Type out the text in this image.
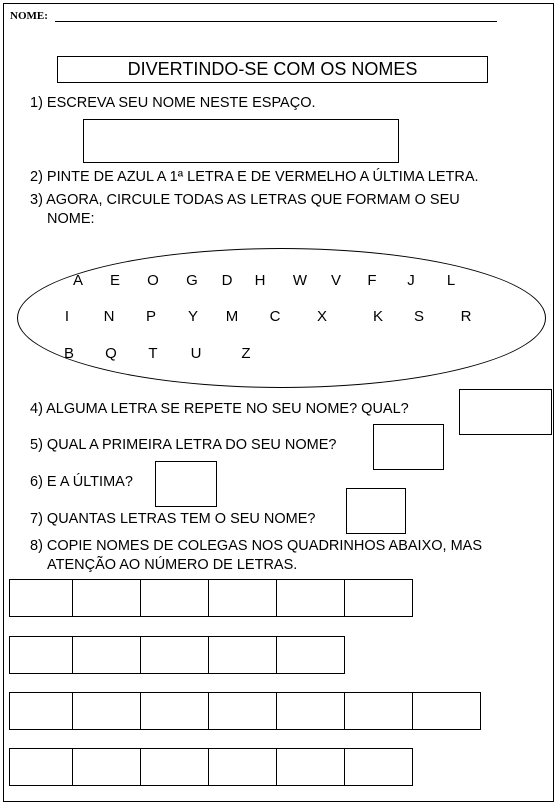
NOME:
DIVERTINDO-SE COM OS NOMES
1) ESCREVA SEU NOME NESTE ESPAÇO.
2) PINTE DE AZUL A 1ª LETRA E DE VERMELHO A ÚLTIMA LETRA.
3) AGORA, CIRCULE TODAS AS LETRAS QUE FORMAM O SEU
NOME:
A E O G D H W V F J L
I N P Y M C X	K S R
B Q T U	Z
4) ALGUMA LETRA SE REPETE NO SEU NOME? QUAL?
5) QUAL A PRIMEIRA LETRA DO SEU NOME?
6) E A ÚLTIMA?
7) QUANTAS LETRAS TEM O SEU NOME?
8) COPIE NOMES DE COLEGAS NOS QUADRINHOS ABAIXO, MAS
ATENÇÃO AO NÚMERO DE LETRAS.
